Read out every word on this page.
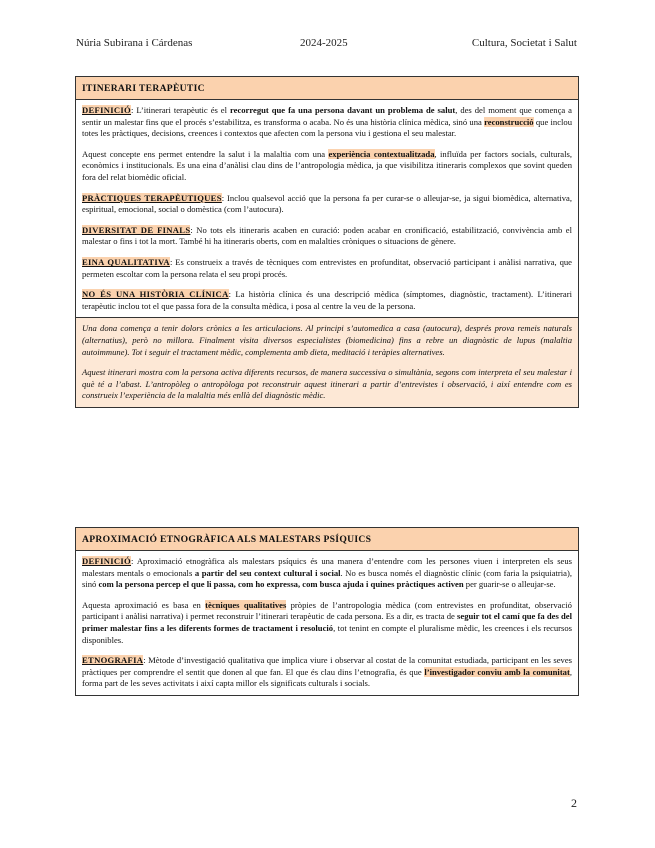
Núria Subirana i Cárdenas	2024-2025	Cultura, Societat i Salut
ITINERARI TERAPÈUTIC

DEFINICIÓ: L’itinerari terapèutic és el recorregut que fa una persona davant un problema de salut, des del moment que comença a sentir un malestar fins que el procés s’estabilitza, es transforma o acaba. No és una història clínica mèdica, sinó una reconstrucció que inclou totes les pràctiques, decisions, creences i contextos que afecten com la persona viu i gestiona el seu malestar.

Aquest concepte ens permet entendre la salut i la malaltia com una experiència contextualitzada, influïda per factors socials, culturals, econòmics i institucionals. Es una eina d’anàlisi clau dins de l’antropologia mèdica, ja que visibilitza itineraris complexos que sovint queden fora del relat biomèdic oficial.

PRÀCTIQUES TERAPÈUTIQUES: Inclou qualsevol acció que la persona fa per curar-se o alleujar-se, ja sigui biomèdica, alternativa, espiritual, emocional, social o domèstica (com l’autocura).

DIVERSITAT DE FINALS: No tots els itineraris acaben en curació: poden acabar en cronificació, estabilització, convivència amb el malestar o fins i tot la mort. També hi ha itineraris oberts, com en malalties cròniques o situacions de gènere.

EINA QUALITATIVA: Es construeix a través de tècniques com entrevistes en profunditat, observació participant i anàlisi narrativa, que permeten escoltar com la persona relata el seu propi procés.

NO ÉS UNA HISTÒRIA CLÍNICA: La història clínica és una descripció mèdica (símptomes, diagnòstic, tractament). L’itinerari terapèutic inclou tot el que passa fora de la consulta mèdica, i posa al centre la veu de la persona.

Una dona comença a tenir dolors crònics a les articulacions. Al principi s’automedica a casa (autocura), després prova remeis naturals (alternatius), però no millora. Finalment visita diversos especialistes (biomedicina) fins a rebre un diagnòstic de lupus (malaltia autoimmune). Tot i seguir el tractament mèdic, complementa amb dieta, meditació i teràpies alternatives.

Aquest itinerari mostra com la persona activa diferents recursos, de manera successiva o simultània, segons com interpreta el seu malestar i què té a l’abast. L’antropòleg o antropòloga pot reconstruir aquest itinerari a partir d’entrevistes i observació, i així entendre com es construeix l’experiència de la malaltia més enllà del diagnòstic mèdic.

APROXIMACIÓ ETNOGRÀFICA ALS MALESTARS PSÍQUICS

DEFINICIÓ: Aproximació etnogràfica als malestars psíquics és una manera d’entendre com les persones viuen i interpreten els seus malestars mentals o emocionals a partir del seu context cultural i social. No es busca només el diagnòstic clínic (com faria la psiquiatria), sinó com la persona percep el que li passa, com ho expressa, com busca ajuda i quines pràctiques activen per guarir-se o alleujar-se.

Aquesta aproximació es basa en tècniques qualitatives pròpies de l’antropologia mèdica (com entrevistes en profunditat, observació participant i anàlisi narrativa) i permet reconstruir l’itinerari terapèutic de cada persona. Es a dir, es tracta de seguir tot el camí que fa des del primer malestar fins a les diferents formes de tractament i resolució, tot tenint en compte el pluralisme mèdic, les creences i els recursos disponibles.

ETNOGRAFIA: Mètode d’investigació qualitativa que implica viure i observar al costat de la comunitat estudiada, participant en les seves pràctiques per comprendre el sentit que donen al que fan. El que és clau dins l’etnografia, és que l’investigador conviu amb la comunitat, forma part de les seves activitats i així capta millor els significats culturals i socials.

2
